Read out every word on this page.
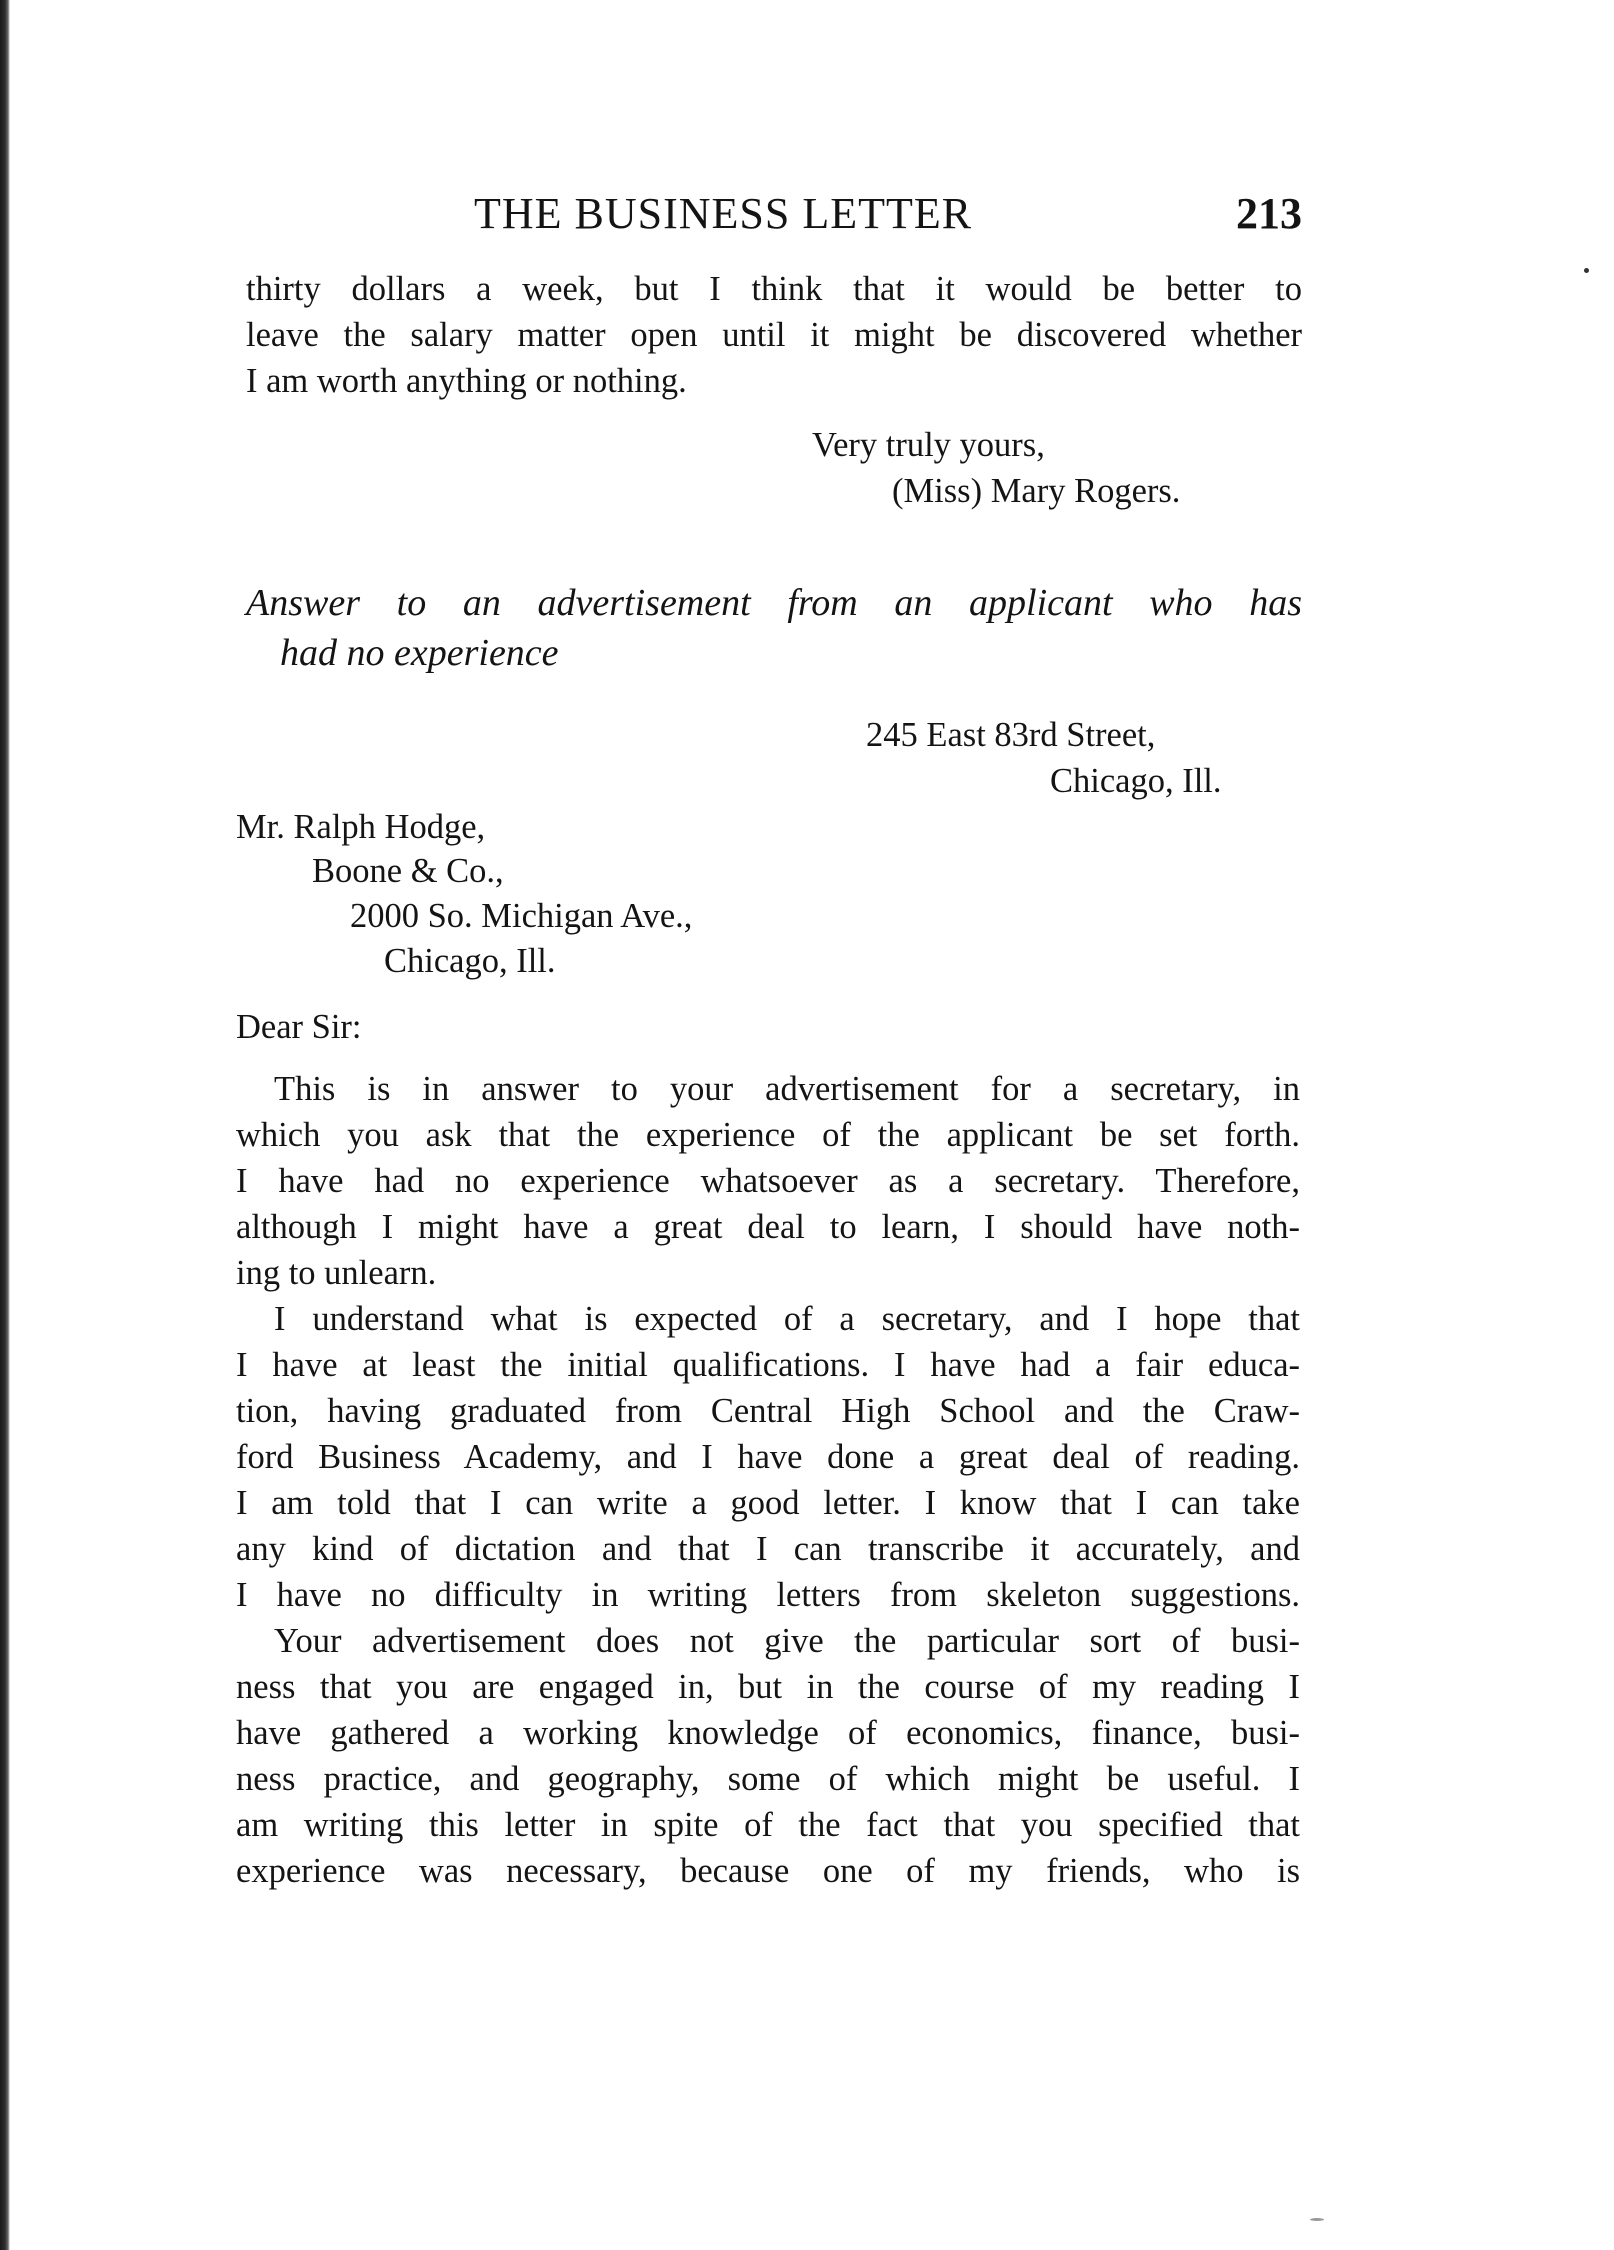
THE BUSINESS LETTER	213
thirty dollars a week, but I think that it would be better to
leave the salary matter open until it might be discovered whether
I am worth anything or nothing.
Very truly yours,
(Miss) Mary Rogers.
Answer to an advertisement from an applicant who has
had no experience
245 East 83rd Street,
Chicago, Ill.
Mr. Ralph Hodge,
Boone & Co.,
2000 So. Michigan Ave.,
Chicago, Ill.
Dear Sir:
This is in answer to your advertisement for a secretary, in
which you ask that the experience of the applicant be set forth.
I have had no experience whatsoever as a secretary. Therefore,
although I might have a great deal to learn, I should have noth-
ing to unlearn.
I understand what is expected of a secretary, and I hope that
I have at least the initial qualifications. I have had a fair educa-
tion, having graduated from Central High School and the Craw-
ford Business Academy, and I have done a great deal of reading.
I am told that I can write a good letter. I know that I can take
any kind of dictation and that I can transcribe it accurately, and
I have no difficulty in writing letters from skeleton suggestions.
Your advertisement does not give the particular sort of busi-
ness that you are engaged in, but in the course of my reading I
have gathered a working knowledge of economics, finance, busi-
ness practice, and geography, some of which might be useful. I
am writing this letter in spite of the fact that you specified that
experience was necessary, because one of my friends, who is
